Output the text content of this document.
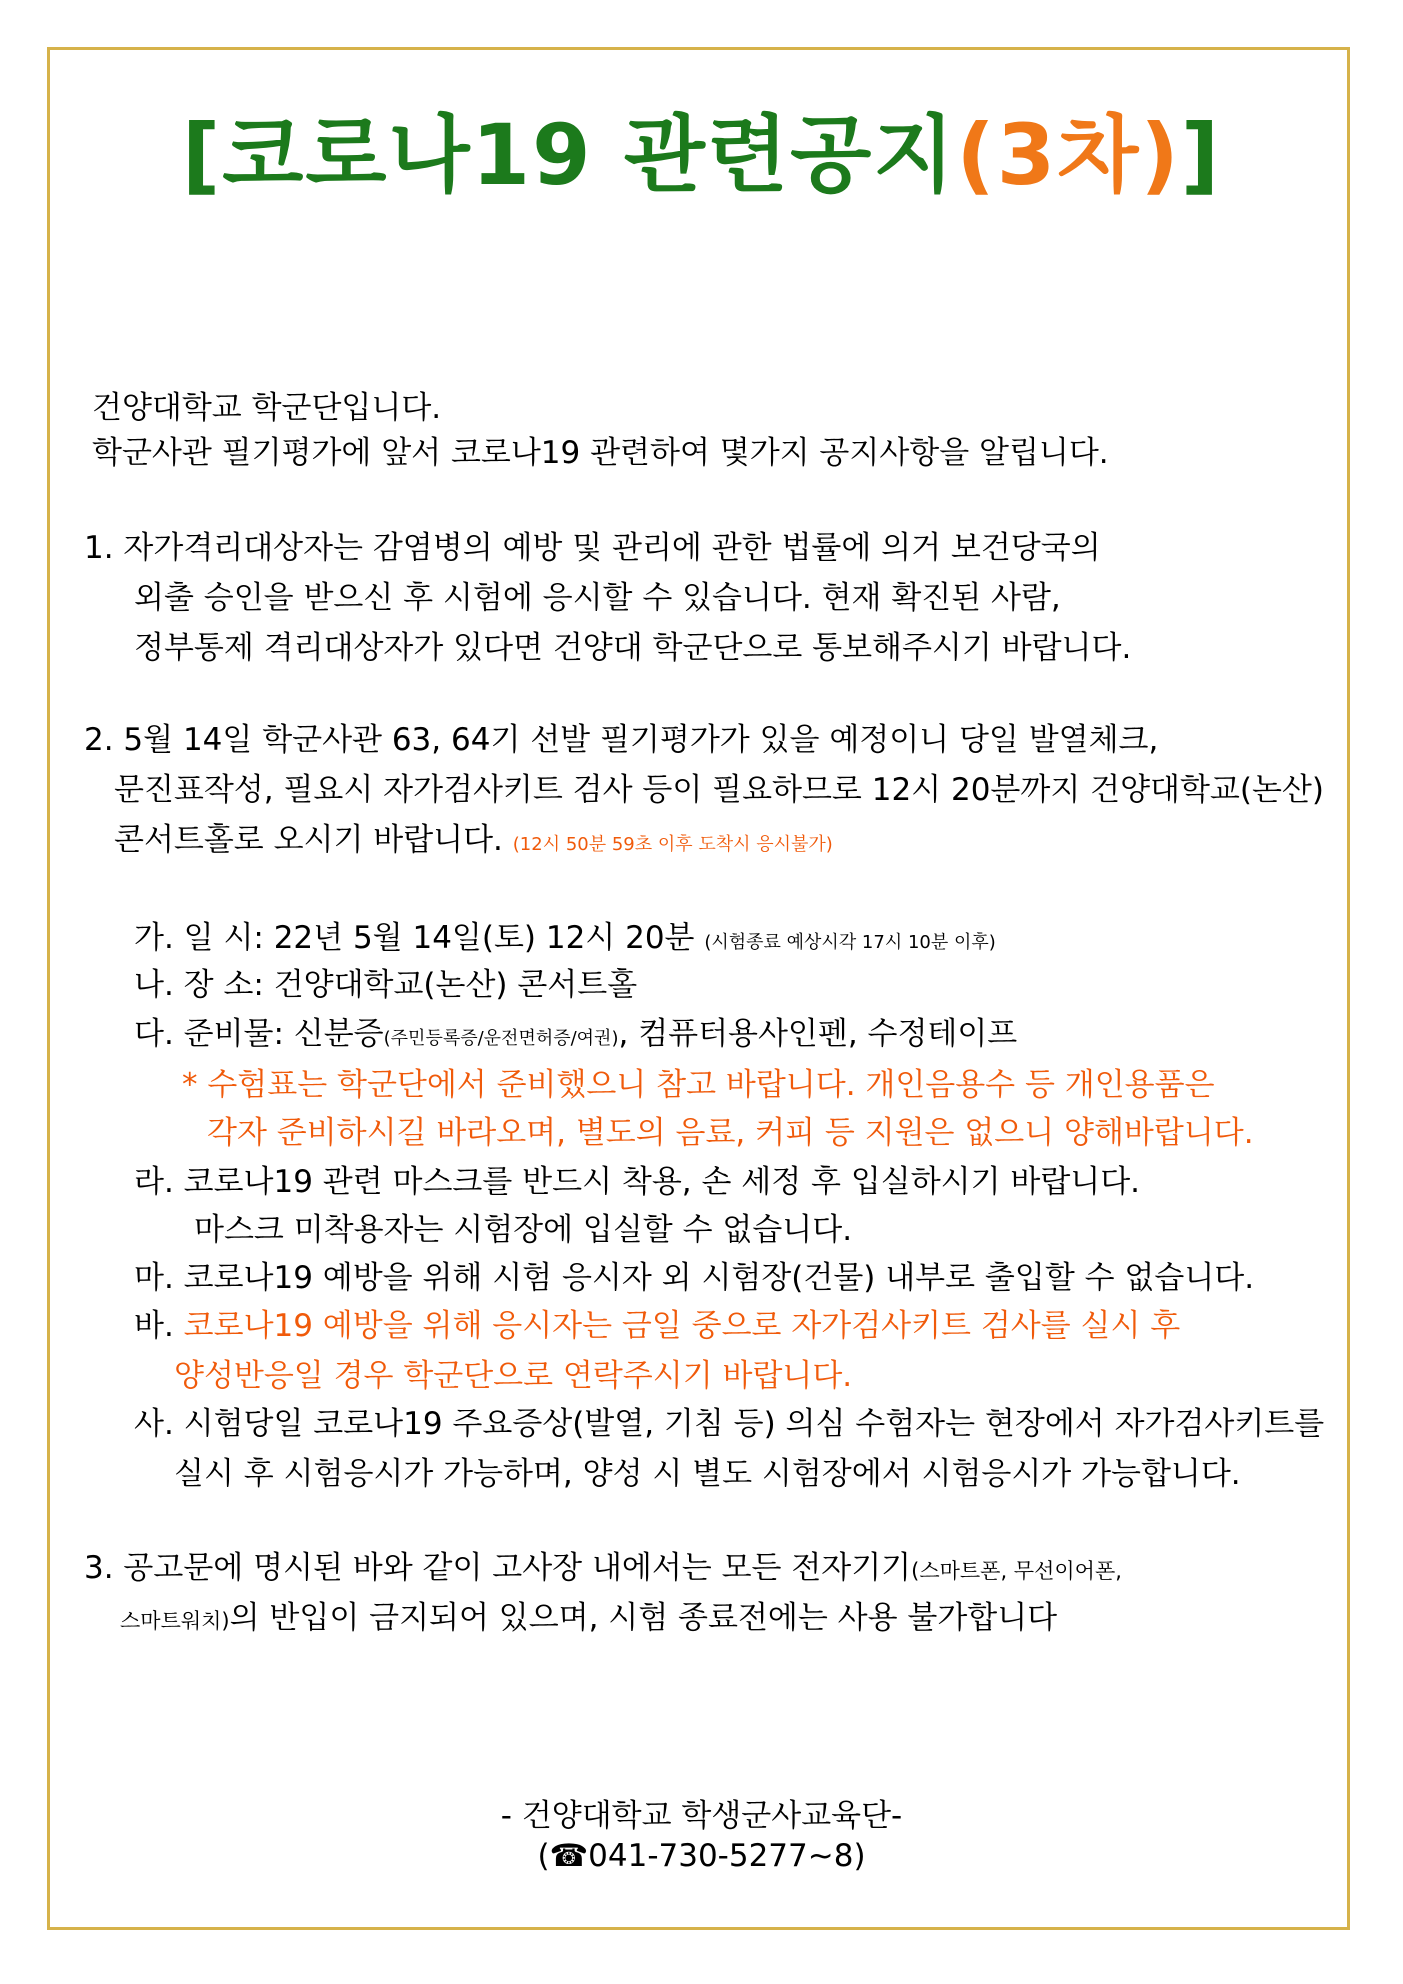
[코로나19 관련공지(3차)]
건양대학교 학군단입니다.
학군사관 필기평가에 앞서 코로나19 관련하여 몇가지 공지사항을 알립니다.
1. 자가격리대상자는 감염병의 예방 및 관리에 관한 법률에 의거 보건당국의
외출 승인을 받으신 후 시험에 응시할 수 있습니다. 현재 확진된 사람,
정부통제 격리대상자가 있다면 건양대 학군단으로 통보해주시기 바랍니다.
2. 5월 14일 학군사관 63, 64기 선발 필기평가가 있을 예정이니 당일 발열체크,
문진표작성, 필요시 자가검사키트 검사 등이 필요하므로 12시 20분까지 건양대학교(논산)
콘서트홀로 오시기 바랍니다. (12시 50분 59초 이후 도착시 응시불가)
가. 일 시: 22년 5월 14일(토) 12시 20분 (시험종료 예상시각 17시 10분 이후)
나. 장 소: 건양대학교(논산) 콘서트홀
다. 준비물: 신분증(주민등록증/운전면허증/여권), 컴퓨터용사인펜, 수정테이프
* 수험표는 학군단에서 준비했으니 참고 바랍니다. 개인음용수 등 개인용품은
각자 준비하시길 바라오며, 별도의 음료, 커피 등 지원은 없으니 양해바랍니다.
라. 코로나19 관련 마스크를 반드시 착용, 손 세정 후 입실하시기 바랍니다.
마스크 미착용자는 시험장에 입실할 수 없습니다.
마. 코로나19 예방을 위해 시험 응시자 외 시험장(건물) 내부로 출입할 수 없습니다.
바. 코로나19 예방을 위해 응시자는 금일 중으로 자가검사키트 검사를 실시 후
양성반응일 경우 학군단으로 연락주시기 바랍니다.
사. 시험당일 코로나19 주요증상(발열, 기침 등) 의심 수험자는 현장에서 자가검사키트를
실시 후 시험응시가 가능하며, 양성 시 별도 시험장에서 시험응시가 가능합니다.
3. 공고문에 명시된 바와 같이 고사장 내에서는 모든 전자기기(스마트폰, 무선이어폰,
스마트워치)의 반입이 금지되어 있으며, 시험 종료전에는 사용 불가합니다
- 건양대학교 학생군사교육단-
(☎041-730-5277~8)
